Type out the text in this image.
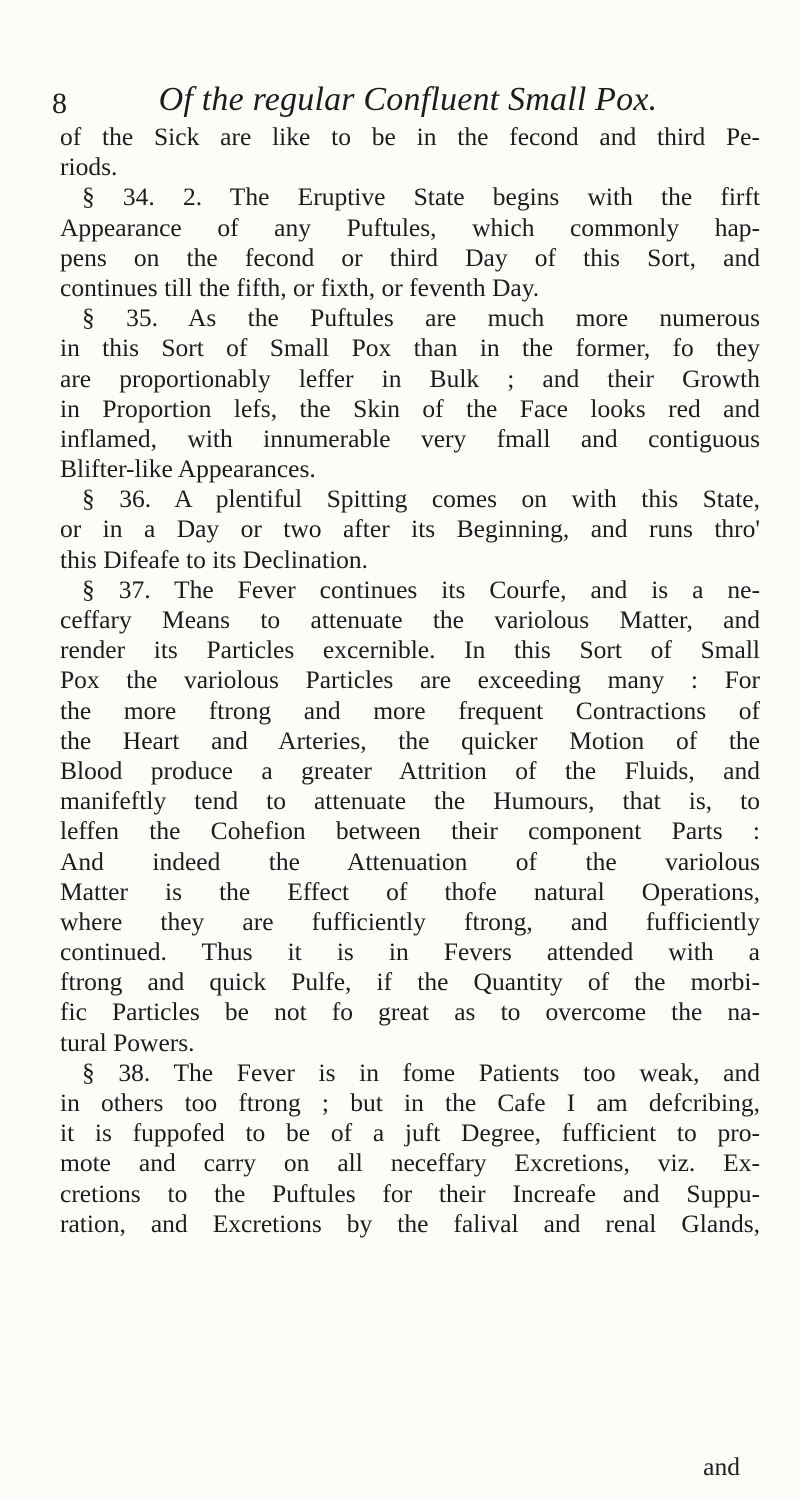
8	Of the regular Confluent Small Pox.
of the Sick are like to be in the fecond and third Pe-
riods.
§ 34. 2. The Eruptive State begins with the firft
Appearance of any Puftules, which commonly hap-
pens on the fecond or third Day of this Sort, and
continues till the fifth, or fixth, or feventh Day.
§ 35. As the Puftules are much more numerous
in this Sort of Small Pox than in the former, fo they
are proportionably leffer in Bulk ; and their Growth
in Proportion lefs, the Skin of the Face looks red and
inflamed, with innumerable very fmall and contiguous
Blifter-like Appearances.
§ 36. A plentiful Spitting comes on with this State,
or in a Day or two after its Beginning, and runs thro'
this Difeafe to its Declination.
§ 37. The Fever continues its Courfe, and is a ne-
ceffary Means to attenuate the variolous Matter, and
render its Particles excernible. In this Sort of Small
Pox the variolous Particles are exceeding many : For
the more ftrong and more frequent Contractions of
the Heart and Arteries, the quicker Motion of the
Blood produce a greater Attrition of the Fluids, and
manifeftly tend to attenuate the Humours, that is, to
leffen the Cohefion between their component Parts :
And indeed the Attenuation of the variolous
Matter is the Effect of thofe natural Operations,
where they are fufficiently ftrong, and fufficiently
continued. Thus it is in Fevers attended with a
ftrong and quick Pulfe, if the Quantity of the morbi-
fic Particles be not fo great as to overcome the na-
tural Powers.
§ 38. The Fever is in fome Patients too weak, and
in others too ftrong ; but in the Cafe I am defcribing,
it is fuppofed to be of a juft Degree, fufficient to pro-
mote and carry on all neceffary Excretions, viz. Ex-
cretions to the Puftules for their Increafe and Suppu-
ration, and Excretions by the falival and renal Glands,
and
